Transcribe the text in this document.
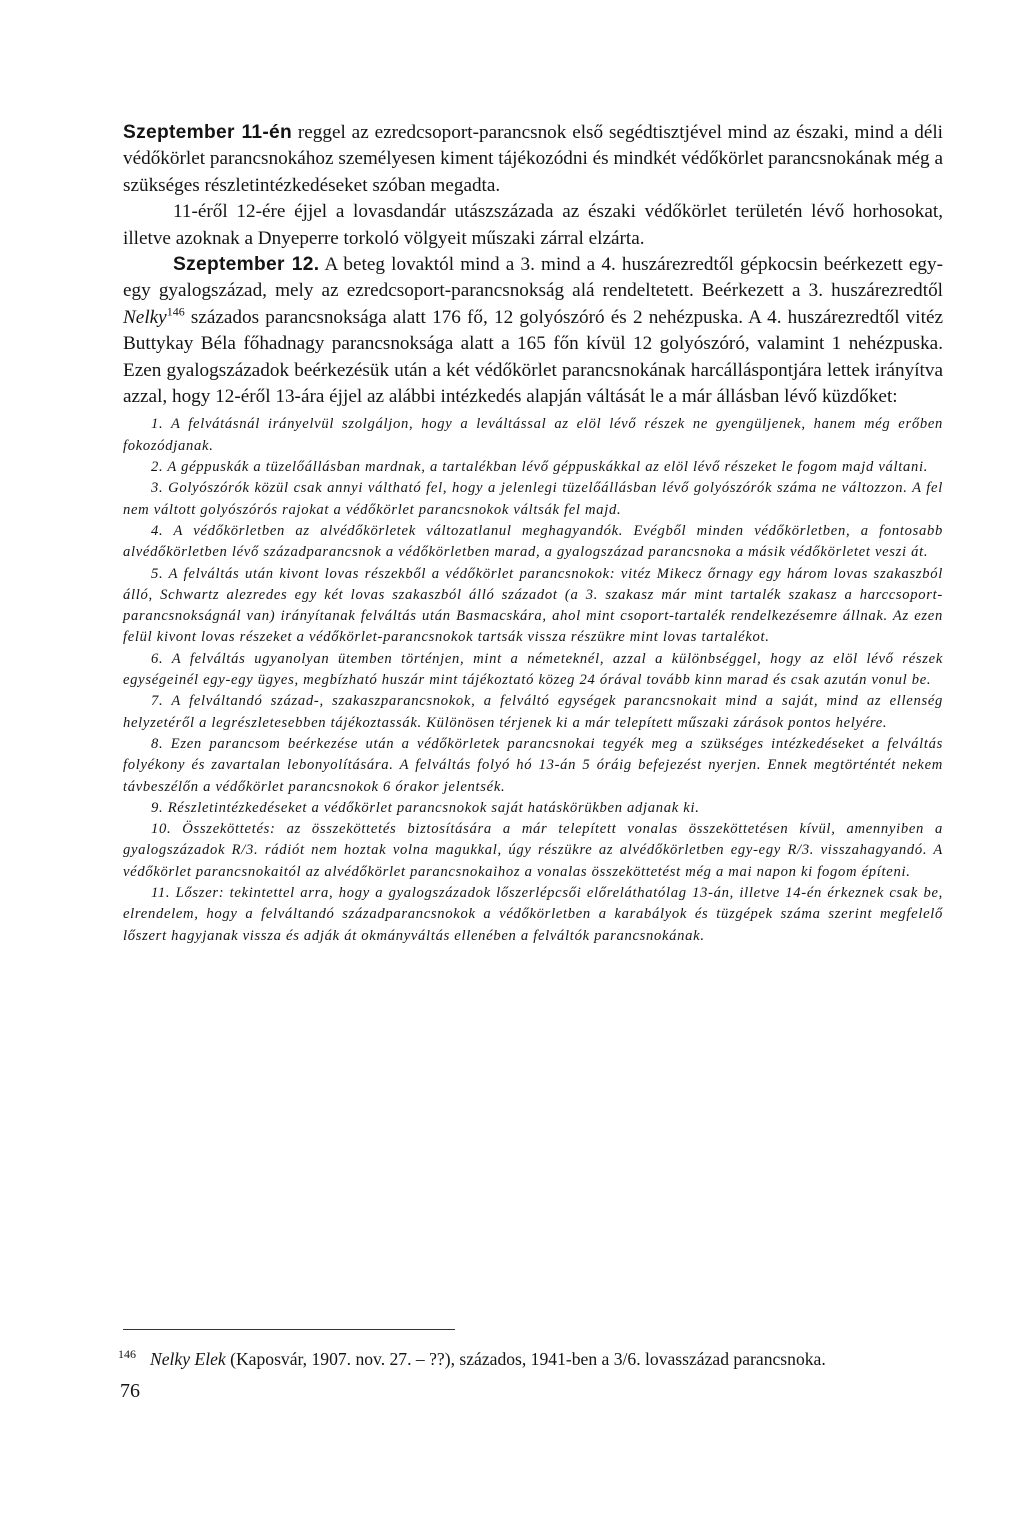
Szeptember 11-én reggel az ezredcsoport-parancsnok első segédtisztjével mind az északi, mind a déli védőkörlet parancsnokához személyesen kiment tájékozódni és mindkét védőkörlet parancsnokának még a szükséges részletintézkedéseket szóban megadta.

11-éről 12-ére éjjel a lovasdandár utászszázada az északi védőkörlet területén lévő horhosokat, illetve azoknak a Dnyeperre torkoló völgyeit műszaki zárral elzárta.

Szeptember 12. A beteg lovaktól mind a 3. mind a 4. huszárezredtől gépkocsin beérkezett egy-egy gyalogszázad, mely az ezredcsoport-parancsnokság alá rendeltetett. Beérkezett a 3. huszárezredtől Nelky$^{146}$ százados parancsnoksága alatt 176 fő, 12 golyószóró és 2 nehézpuska. A 4. huszárezredtől vitéz Buttykay Béla főhadnagy parancsnoksága alatt a 165 főn kívül 12 golyószóró, valamint 1 nehézpuska. Ezen gyalogszázadok beérkezésük után a két védőkörlet parancsnokának harcálláspontjára lettek irányítva azzal, hogy 12-éről 13-ára éjjel az alábbi intézkedés alapján váltását le a már állásban lévő küzdőket:

1. A felvátásnál irányelvül szolgáljon, hogy a leváltással az elöl lévő részek ne gyengüljenek, hanem még erőben fokozódjanak.

2. A géppuskák a tüzelőállásban mardnak, a tartalékban lévő géppuskákkal az elöl lévő részeket le fogom majd váltani.

3. Golyószórók közül csak annyi váltható fel, hogy a jelenlegi tüzelőállásban lévő golyószórók száma ne változzon. A fel nem váltott golyószórós rajokat a védőkörlet parancsnokok váltsák fel majd.

4. A védőkörletben az alvédőkörletek változatlanul meghagyandók. Evégből minden védőkörletben, a fontosabb alvédőkörletben lévő századparancsnok a védőkörletben marad, a gyalogszázad parancsnoka a másik védőkörletet veszi át.

5. A felváltás után kivont lovas részekből a védőkörlet parancsnokok: vitéz Mikecz őrnagy egy három lovas szakaszból álló, Schwartz alezredes egy két lovas szakaszból álló századot (a 3. szakasz már mint tartalék szakasz a harccsoport-parancsnokságnál van) irányítanak felváltás után Basmacskára, ahol mint csoport-tartalék rendelkezésemre állnak. Az ezen felül kivont lovas részeket a védőkörlet-parancsnokok tartsák vissza részükre mint lovas tartalékot.

6. A felváltás ugyanolyan ütemben történjen, mint a németeknél, azzal a különbséggel, hogy az elöl lévő részek egységeinél egy-egy ügyes, megbízható huszár mint tájékoztató közeg 24 órával tovább kinn marad és csak azután vonul be.

7. A felváltandó század-, szakaszparancsnokok, a felváltó egységek parancsnokait mind a saját, mind az ellenség helyzetéről a legrészletesebben tájékoztassák. Különösen térjenek ki a már telepített műszaki zárások pontos helyére.

8. Ezen parancsom beérkezése után a védőkörletek parancsnokai tegyék meg a szükséges intézkedéseket a felváltás folyékony és zavartalan lebonyolítására. A felváltás folyó hó 13-án 5 óráig befejezést nyerjen. Ennek megtörténtét nekem távbeszélőn a védőkörlet parancsnokok 6 órakor jelentsék.

9. Részletintézkedéseket a védőkörlet parancsnokok saját hatáskörükben adjanak ki.

10. Összeköttetés: az összeköttetés biztosítására a már telepített vonalas összeköttetésen kívül, amennyiben a gyalogszázadok R/3. rádiót nem hoztak volna magukkal, úgy részükre az alvédőkörletben egy-egy R/3. visszahagyandó. A védőkörlet parancsnokaitól az alvédőkörlet parancsnokaihoz a vonalas összeköttetést még a mai napon ki fogom építeni.

11. Lőszer: tekintettel arra, hogy a gyalogszázadok lőszerlépcsői előreláthatólag 13-án, illetve 14-én érkeznek csak be, elrendelem, hogy a felváltandó századparancsnokok a védőkörletben a karabályok és tüzgépek száma szerint megfelelő lőszert hagyjanak vissza és adják át okmányváltás ellenében a felváltók parancsnokának.

$^{146}$ Nelky Elek (Kaposvár, 1907. nov. 27. – ??), százados, 1941-ben a 3/6. lovasszázad parancsnoka.
76
